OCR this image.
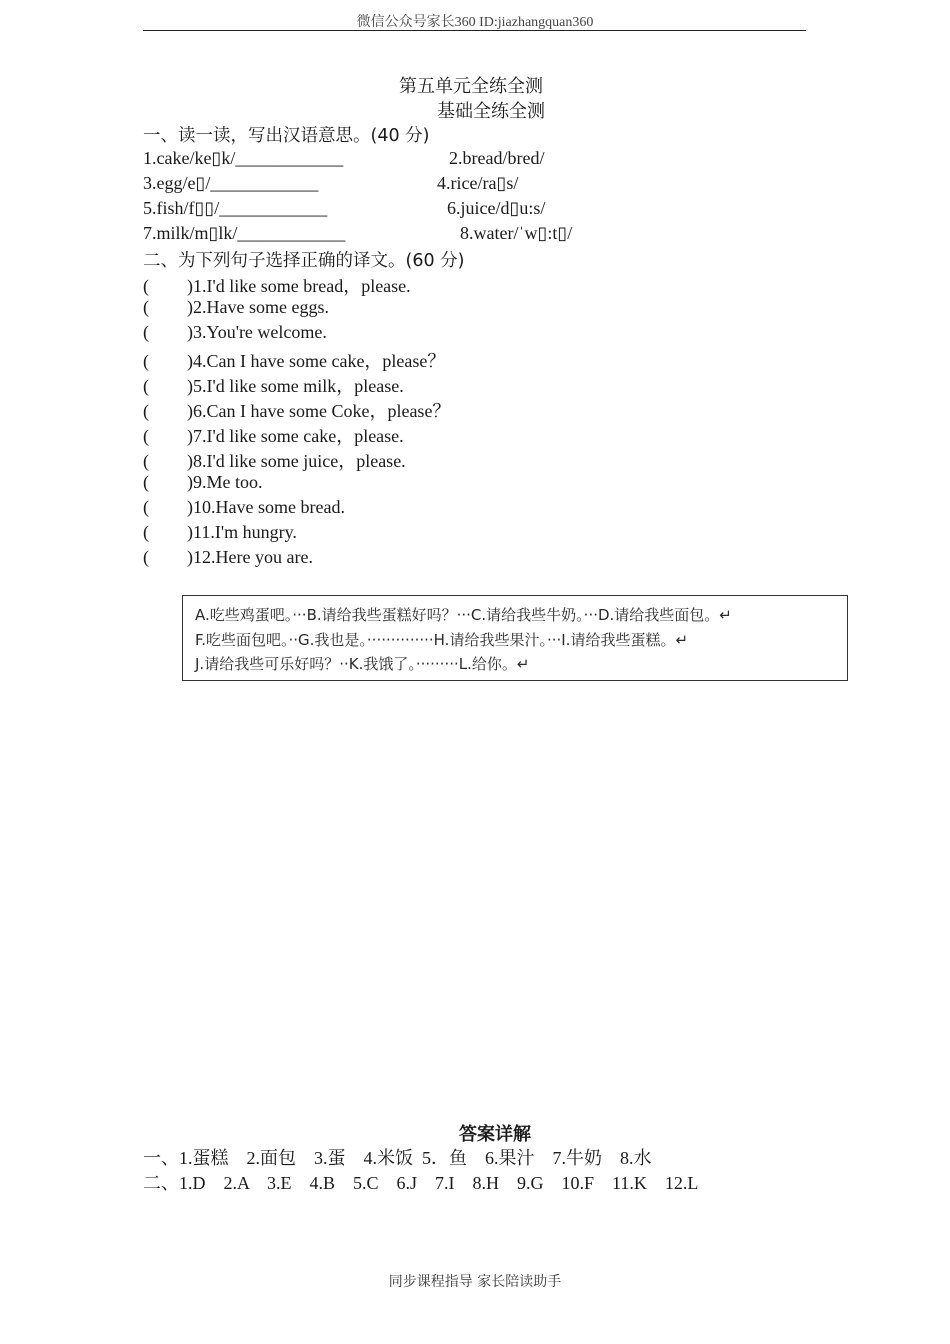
微信公众号家长360 ID:jiazhangquan360
第五单元全练全测
基础全练全测
一、读一读，写出汉语意思。(40 分)
1.cake/ke▯k/____________	2.bread/bred/
3.egg/e▯/____________	4.rice/ra▯s/
5.fish/f▯▯/____________	6.juice/d▯u:s/
7.milk/m▯lk/____________	8.water/ˈw▯:t▯/
二、为下列句子选择正确的译文。(60 分)
( )1.I'd like some bread，please.
( )2.Have some eggs.
( )3.You're welcome.
( )4.Can I have some cake，please？
( )5.I'd like some milk，please.
( )6.Can I have some Coke，please？
( )7.I'd like some cake，please.
( )8.I'd like some juice，please.
( )9.Me too.
( )10.Have some bread.
( )11.I'm hungry.
( )12.Here you are.
A.吃些鸡蛋吧。···B.请给我些蛋糕好吗？···C.请给我些牛奶。···D.请给我些面包。↵
F.吃些面包吧。··G.我也是。··············H.请给我些果汁。···I.请给我些蛋糕。↵
J.请给我些可乐好吗？··K.我饿了。·········L.给你。↵
答案详解
一、1.蛋糕　2.面包　3.蛋　4.米饭  5．鱼　6.果汁　7.牛奶　8.水
二、1.D　2.A　3.E　4.B　5.C　6.J　7.I　8.H　9.G　10.F　11.K　12.L
同步课程指导 家长陪读助手
